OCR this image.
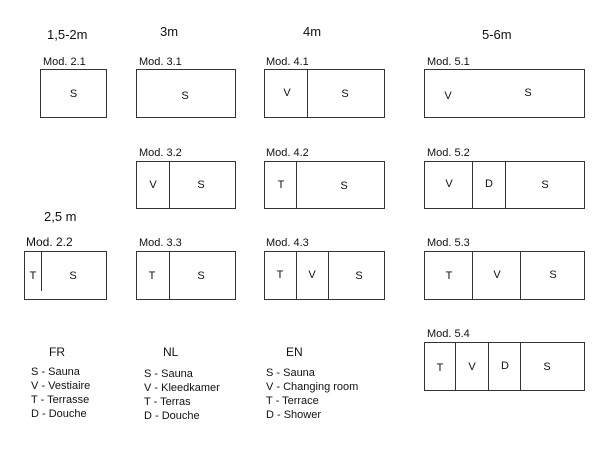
1,5-2m	3m	4m	5-6m
2,5 m
Mod. 2.1
S
Mod. 3.1
S
Mod. 4.1
V	S
Mod. 5.1
V	S
Mod. 3.2
V	S
Mod. 4.2
T	S
Mod. 5.2
V	D	S
Mod. 2.2
T	S
Mod. 3.3
T	S
Mod. 4.3
T V	S
Mod. 5.3
T	V	S
Mod. 5.4
T V D	S
FR
S - Sauna
V - Vestiaire
T - Terrasse
D - Douche
NL
S - Sauna
V - Kleedkamer
T - Terras
D - Douche
EN
S - Sauna
V - Changing room
T - Terrace
D - Shower
